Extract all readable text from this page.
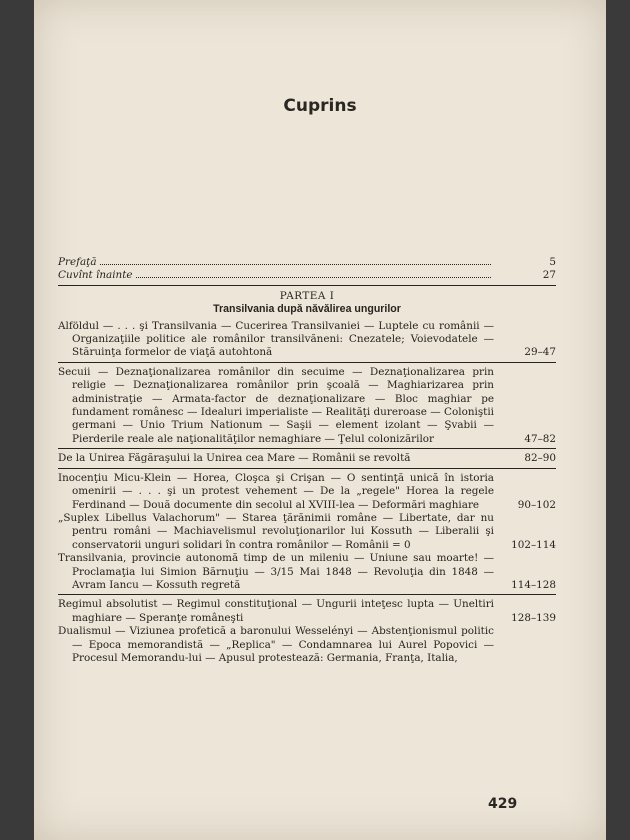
Cuprins
Prefaţă	5
Cuvînt înainte	27
PARTEA I
Transilvania după năvălirea ungurilor
Alföldul — . . . şi Transilvania — Cucerirea Transilvaniei — Luptele cu românii — Organizaţiile politice ale românilor transilvăneni: Cnezatele; Voievodatele — Stăruinţa formelor de viaţă autohtonă	29–47
Secuii — Deznaţionalizarea românilor din secuime — Deznaţionalizarea prin religie — Deznaţionalizarea românilor prin şcoală — Maghiarizarea prin administraţie — Armata-factor de deznaţionalizare — Bloc maghiar pe fundament românesc — Idealuri imperialiste — Realităţi dureroase — Coloniştii germani — Unio Trium Nationum — Saşii — element izolant — Şvabii — Pierderile reale ale naţionalităţilor nemaghiare — Ţelul colonizărilor	47–82
De la Unirea Făgăraşului la Unirea cea Mare — Românii se revoltă	82–90
Inocenţiu Micu-Klein — Horea, Cloşca şi Crişan — O sentinţă unică în istoria omenirii — . . . şi un protest vehement — De la „regele" Horea la regele Ferdinand — Două documente din secolul al XVIII-lea — Deformări maghiare	90–102
„Suplex Libellus Valachorum" — Starea ţărănimii române — Libertate, dar nu pentru români — Machiavelismul revoluţionarilor lui Kossuth — Liberalii şi conservatorii unguri solidari în contra românilor — Românii = 0	102–114
Transilvania, provincie autonomă timp de un mileniu — Uniune sau moarte! — Proclamaţia lui Simion Bărnuţiu — 3/15 Mai 1848 — Revoluţia din 1848 — Avram Iancu — Kossuth regretă	114–128
Regimul absolutist — Regimul constituţional — Ungurii inteţesc lupta — Uneltiri maghiare — Speranţe româneşti	128–139
Dualismul — Viziunea profetică a baronului Wesselényi — Abstenţionismul politic — Epoca memorandistă — „Replica" — Condamnarea lui Aurel Popovici — Procesul Memorandu-lui — Apusul protestează: Germania, Franţa, Italia,
429
